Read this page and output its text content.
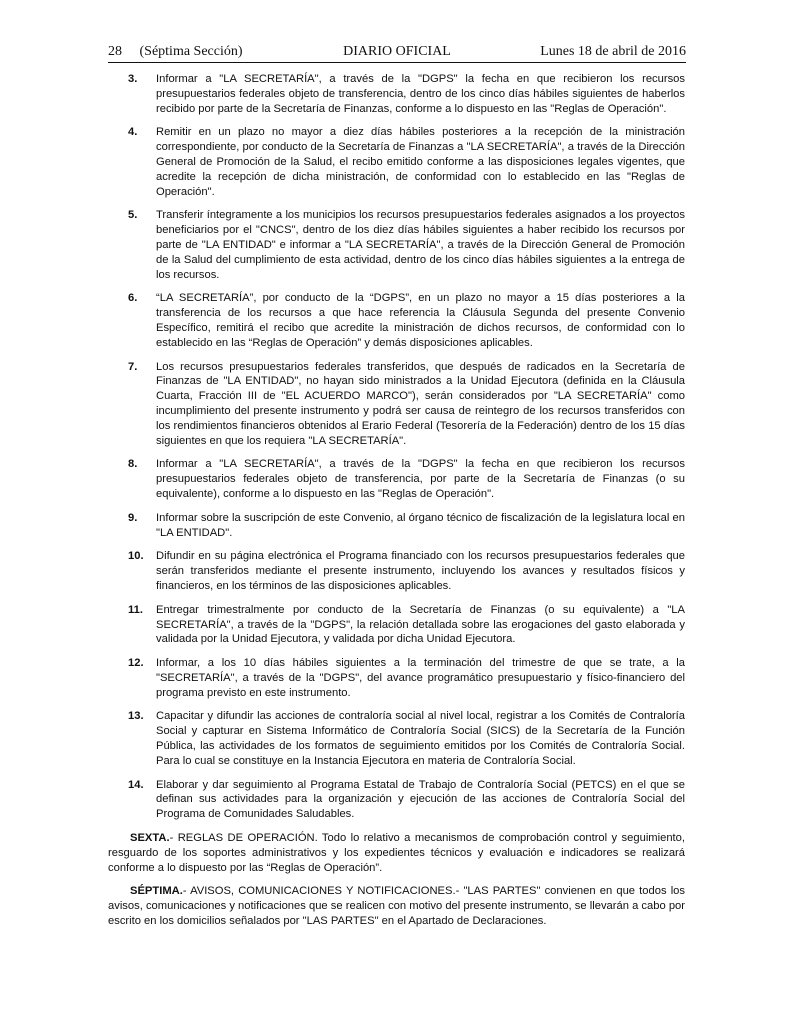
28     (Séptima Sección)	DIARIO OFICIAL	Lunes 18 de abril de 2016
3.	Informar a "LA SECRETARÍA", a través de la "DGPS" la fecha en que recibieron los recursos presupuestarios federales objeto de transferencia, dentro de los cinco días hábiles siguientes de haberlos recibido por parte de la Secretaría de Finanzas, conforme a lo dispuesto en las "Reglas de Operación".
4.	Remitir en un plazo no mayor a diez días hábiles posteriores a la recepción de la ministración correspondiente, por conducto de la Secretaría de Finanzas a "LA SECRETARÍA", a través de la Dirección General de Promoción de la Salud, el recibo emitido conforme a las disposiciones legales vigentes, que acredite la recepción de dicha ministración, de conformidad con lo establecido en las "Reglas de Operación".
5.	Transferir íntegramente a los municipios los recursos presupuestarios federales asignados a los proyectos beneficiarios por el "CNCS", dentro de los diez días hábiles siguientes a haber recibido los recursos por parte de "LA ENTIDAD" e informar a "LA SECRETARÍA", a través de la Dirección General de Promoción de la Salud del cumplimiento de esta actividad, dentro de los cinco días hábiles siguientes a la entrega de los recursos.
6.	“LA SECRETARÍA”, por conducto de la “DGPS”, en un plazo no mayor a 15 días posteriores a la transferencia de los recursos a que hace referencia la Cláusula Segunda del presente Convenio Específico, remitirá el recibo que acredite la ministración de dichos recursos, de conformidad con lo establecido en las “Reglas de Operación” y demás disposiciones aplicables.
7.	Los recursos presupuestarios federales transferidos, que después de radicados en la Secretaría de Finanzas de "LA ENTIDAD", no hayan sido ministrados a la Unidad Ejecutora (definida en la Cláusula Cuarta, Fracción III de "EL ACUERDO MARCO"), serán considerados por "LA SECRETARÍA" como incumplimiento del presente instrumento y podrá ser causa de reintegro de los recursos transferidos con los rendimientos financieros obtenidos al Erario Federal (Tesorería de la Federación) dentro de los 15 días siguientes en que los requiera "LA SECRETARÍA".
8.	Informar a "LA SECRETARÍA", a través de la "DGPS" la fecha en que recibieron los recursos presupuestarios federales objeto de transferencia, por parte de la Secretaría de Finanzas (o su equivalente), conforme a lo dispuesto en las "Reglas de Operación".
9.	Informar sobre la suscripción de este Convenio, al órgano técnico de fiscalización de la legislatura local en "LA ENTIDAD".
10.	Difundir en su página electrónica el Programa financiado con los recursos presupuestarios federales que serán transferidos mediante el presente instrumento, incluyendo los avances y resultados físicos y financieros, en los términos de las disposiciones aplicables.
11.	Entregar trimestralmente por conducto de la Secretaría de Finanzas (o su equivalente) a "LA SECRETARÍA", a través de la "DGPS", la relación detallada sobre las erogaciones del gasto elaborada y validada por la Unidad Ejecutora, y validada por dicha Unidad Ejecutora.
12.	Informar, a los 10 días hábiles siguientes a la terminación del trimestre de que se trate, a la "SECRETARÍA", a través de la "DGPS", del avance programático presupuestario y físico-financiero del programa previsto en este instrumento.
13.	Capacitar y difundir las acciones de contraloría social al nivel local, registrar a los Comités de Contraloría Social y capturar en Sistema Informático de Contraloría Social (SICS) de la Secretaría de la Función Pública, las actividades de los formatos de seguimiento emitidos por los Comités de Contraloría Social. Para lo cual se constituye en la Instancia Ejecutora en materia de Contraloría Social.
14.	Elaborar y dar seguimiento al Programa Estatal de Trabajo de Contraloría Social (PETCS) en el que se definan sus actividades para la organización y ejecución de las acciones de Contraloría Social del Programa de Comunidades Saludables.

SEXTA.- REGLAS DE OPERACIÓN. Todo lo relativo a mecanismos de comprobación control y seguimiento, resguardo de los soportes administrativos y los expedientes técnicos y evaluación e indicadores se realizará conforme a lo dispuesto por las “Reglas de Operación”.

SÉPTIMA.- AVISOS, COMUNICACIONES Y NOTIFICACIONES.- "LAS PARTES" convienen en que todos los avisos, comunicaciones y notificaciones que se realicen con motivo del presente instrumento, se llevarán a cabo por escrito en los domicilios señalados por "LAS PARTES" en el Apartado de Declaraciones.
